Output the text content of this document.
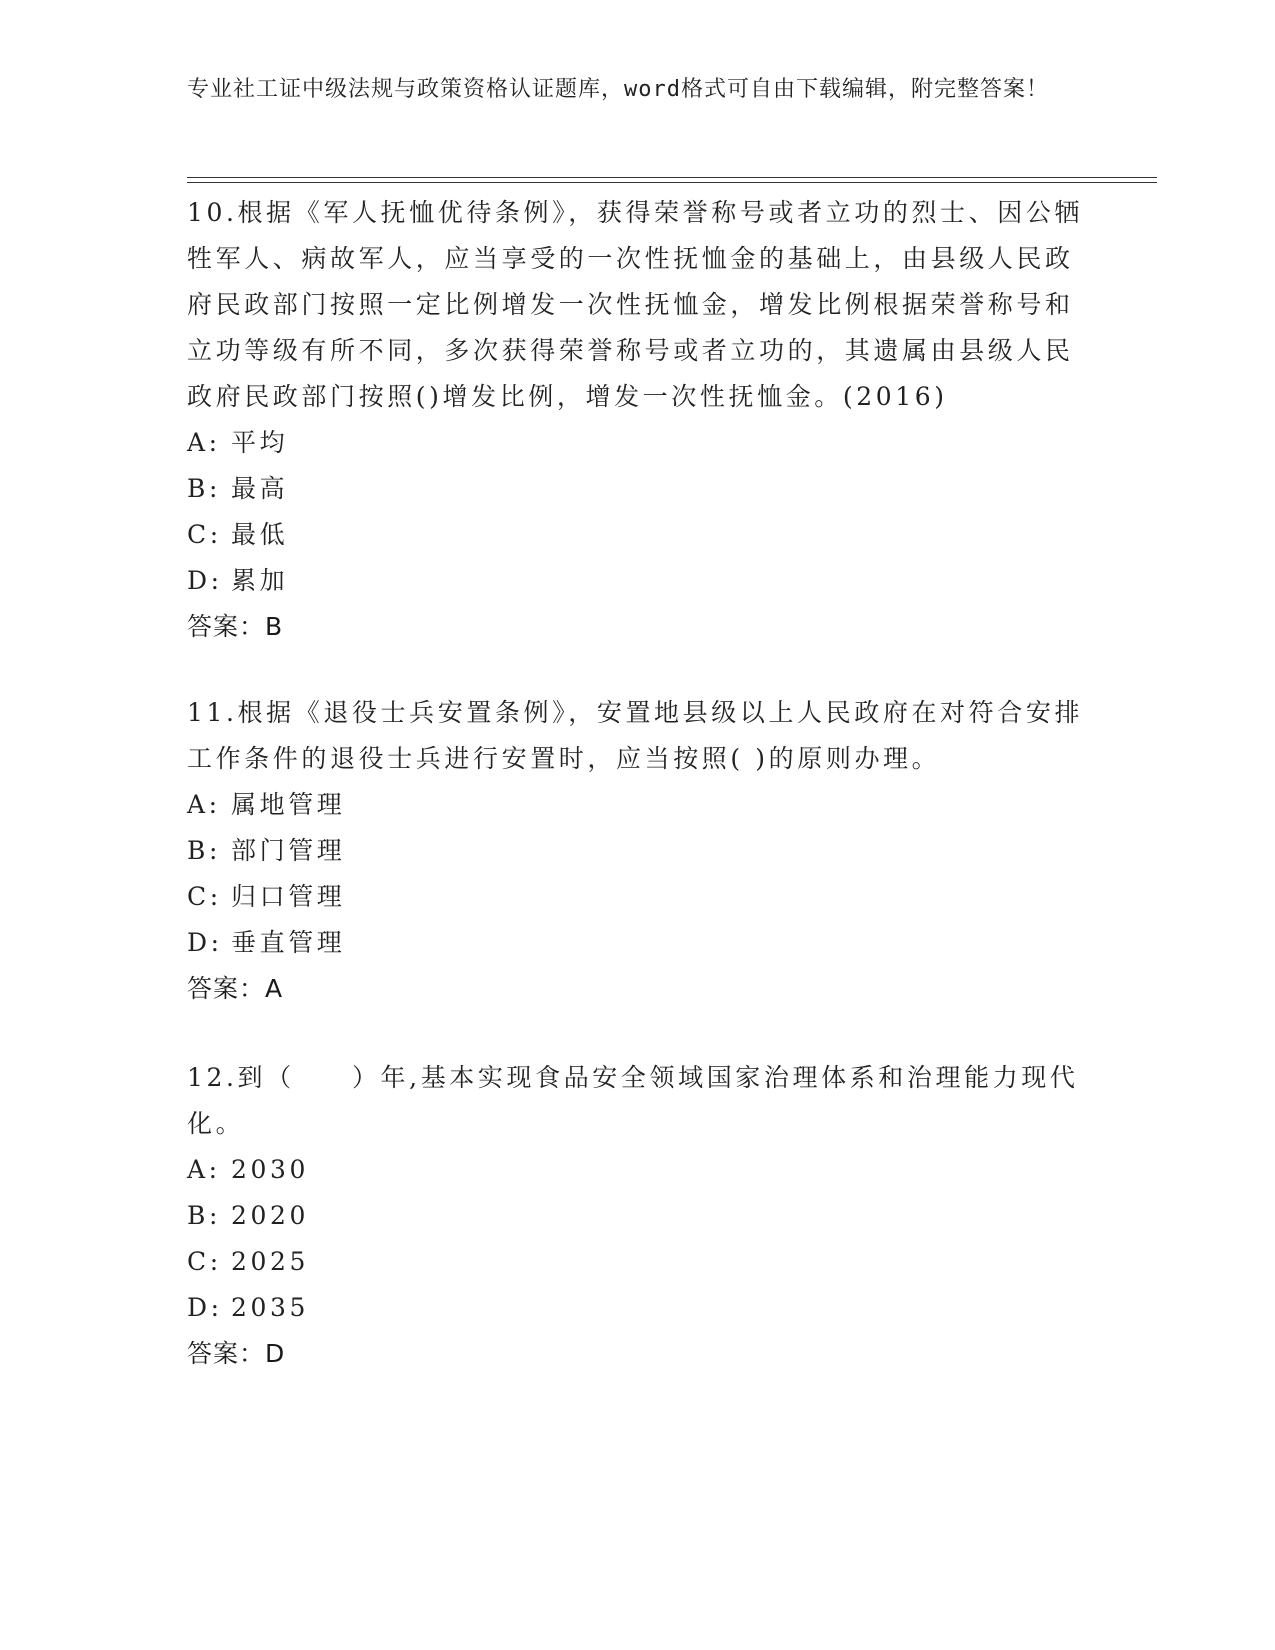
专业社工证中级法规与政策资格认证题库，word格式可自由下载编辑，附完整答案！

10.根据《军人抚恤优待条例》，获得荣誉称号或者立功的烈士、因公牺牲军人、病故军人，应当享受的一次性抚恤金的基础上，由县级人民政府民政部门按照一定比例增发一次性抚恤金，增发比例根据荣誉称号和立功等级有所不同，多次获得荣誉称号或者立功的，其遗属由县级人民政府民政部门按照()增发比例，增发一次性抚恤金。(2016)

A: 平均

B: 最高

C: 最低

D: 累加

答案：B

11.根据《退役士兵安置条例》，安置地县级以上人民政府在对符合安排工作条件的退役士兵进行安置时，应当按照( )的原则办理。

A: 属地管理

B: 部门管理

C: 归口管理

D: 垂直管理

答案：A

12.到（　　）年,基本实现食品安全领域国家治理体系和治理能力现代化。

A: 2030

B: 2020

C: 2025

D: 2035

答案：D
